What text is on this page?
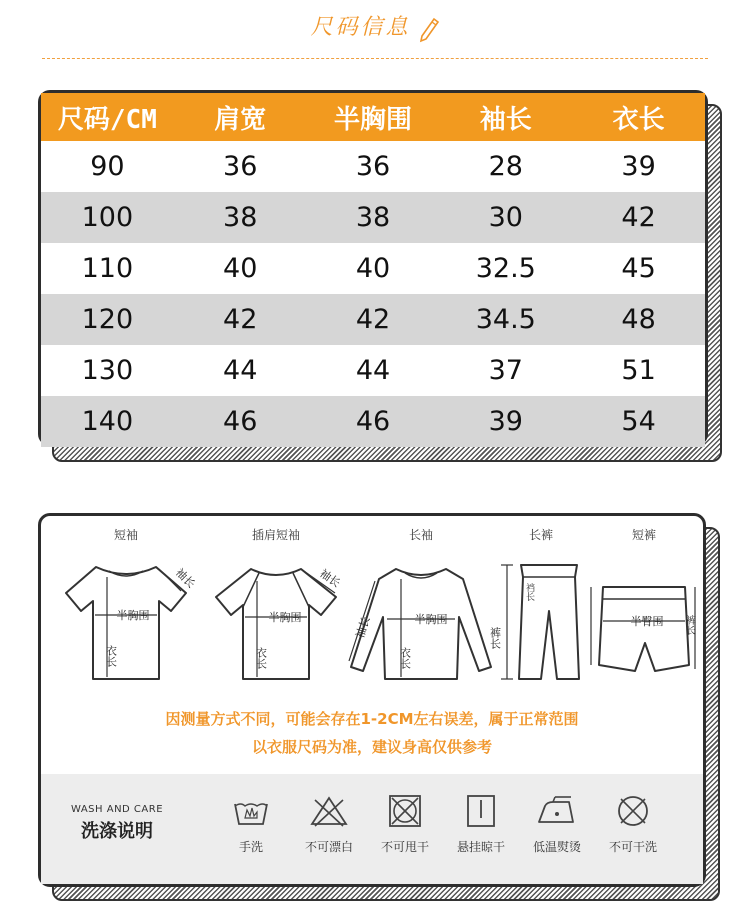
尺码信息
尺码/CM	肩宽	半胸围	袖长	衣长
90	36	36	28	39
100	38	38	30	42
110	40	40	32.5	45
120	42	42	34.5	48
130	44	44	37	51
140	46	46	39	54
短袖
半胸围
衣长
袖长
插肩短袖
半胸围
衣长
袖长
长袖
半胸围
衣长
袖长
长裤
裆长
裤长
短裤
半臀围 裤长
因测量方式不同，可能会存在1-2CM左右误差，属于正常范围
以衣服尺码为准，建议身高仅供参考
WASH AND CARE
洗涤说明
手洗	不可漂白	不可甩干	悬挂晾干	低温熨烫	不可干洗
